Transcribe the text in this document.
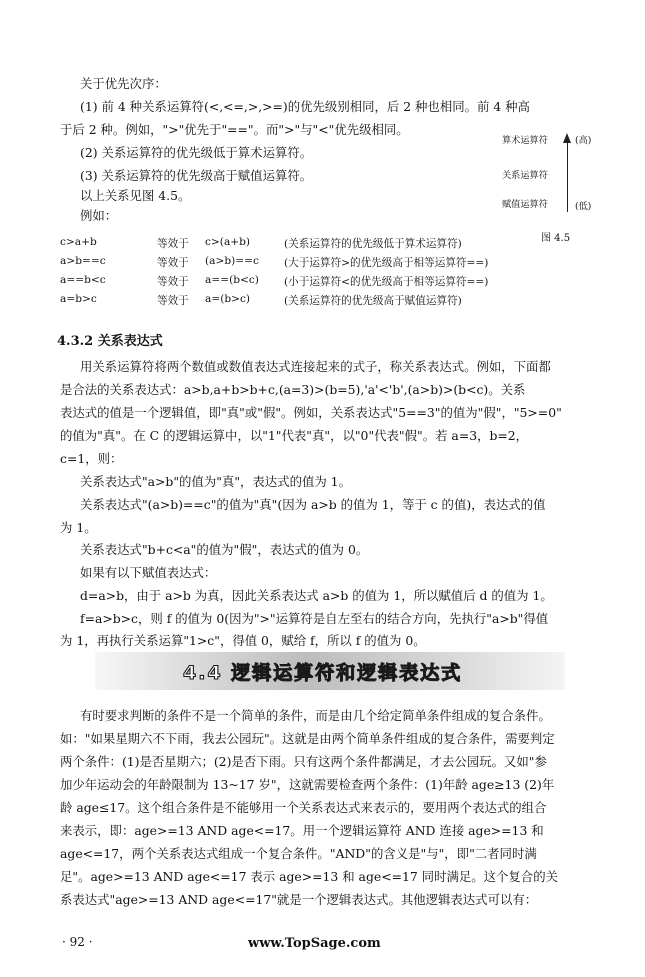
关于优先次序：
(1) 前 4 种关系运算符(<,<=,>,>=)的优先级别相同，后 2 种也相同。前 4 种高
于后 2 种。例如，">"优先于"=="。而">"与"<"优先级相同。
(2) 关系运算符的优先级低于算术运算符。
(3) 关系运算符的优先级高于赋值运算符。
以上关系见图 4.5。
例如：
算术运算符	(高)
关系运算符
赋值运算符	(低)
图 4.5
c>a+b	等效于 c>(a+b)	(关系运算符的优先级低于算术运算符)
a>b==c	等效于 (a>b)==c (大于运算符>的优先级高于相等运算符==)
a==b<c	等效于 a==(b<c) (小于运算符<的优先级高于相等运算符==)
a=b>c	等效于 a=(b>c)	(关系运算符的优先级高于赋值运算符)
4.3.2 关系表达式
用关系运算符将两个数值或数值表达式连接起来的式子，称关系表达式。例如，下面都
是合法的关系表达式：a>b,a+b>b+c,(a=3)>(b=5),'a'<'b',(a>b)>(b<c)。关系
表达式的值是一个逻辑值，即"真"或"假"。例如，关系表达式"5==3"的值为"假"，"5>=0"
的值为"真"。在 C 的逻辑运算中，以"1"代表"真"，以"0"代表"假"。若 a=3，b=2，
c=1，则：
关系表达式"a>b"的值为"真"，表达式的值为 1。
关系表达式"(a>b)==c"的值为"真"(因为 a>b 的值为 1，等于 c 的值)，表达式的值
为 1。
关系表达式"b+c<a"的值为"假"，表达式的值为 0。
如果有以下赋值表达式：
d=a>b，由于 a>b 为真，因此关系表达式 a>b 的值为 1，所以赋值后 d 的值为 1。
f=a>b>c，则 f 的值为 0(因为">"运算符是自左至右的结合方向，先执行"a>b"得值
为 1，再执行关系运算"1>c"，得值 0，赋给 f，所以 f 的值为 0。
4.4 逻辑运算符和逻辑表达式
有时要求判断的条件不是一个简单的条件，而是由几个给定简单条件组成的复合条件。
如："如果星期六不下雨，我去公园玩"。这就是由两个简单条件组成的复合条件，需要判定
两个条件：(1)是否星期六；(2)是否下雨。只有这两个条件都满足，才去公园玩。又如"参
加少年运动会的年龄限制为 13~17 岁"，这就需要检查两个条件：(1)年龄 age≥13 (2)年
龄 age≤17。这个组合条件是不能够用一个关系表达式来表示的，要用两个表达式的组合
来表示，即：age>=13 AND age<=17。用一个逻辑运算符 AND 连接 age>=13 和
age<=17，两个关系表达式组成一个复合条件。"AND"的含义是"与"，即"二者同时满
足"。age>=13 AND age<=17 表示 age>=13 和 age<=17 同时满足。这个复合的关
系表达式"age>=13 AND age<=17"就是一个逻辑表达式。其他逻辑表达式可以有：
· 92 ·	www.TopSage.com
